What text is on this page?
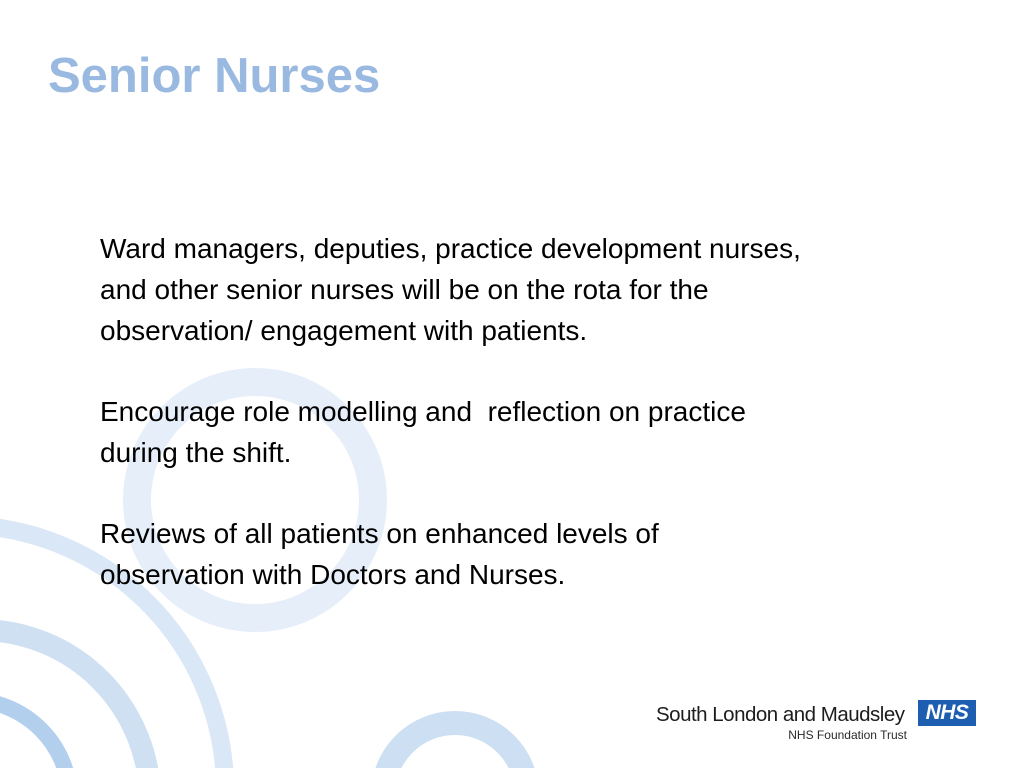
Senior Nurses

Ward managers, deputies, practice development nurses,
and other senior nurses will be on the rota for the
observation/ engagement with patients.

Encourage role modelling and  reflection on practice
during the shift.

Reviews of all patients on enhanced levels of
observation with Doctors and Nurses.

South London and Maudsley	NHS
NHS Foundation Trust
